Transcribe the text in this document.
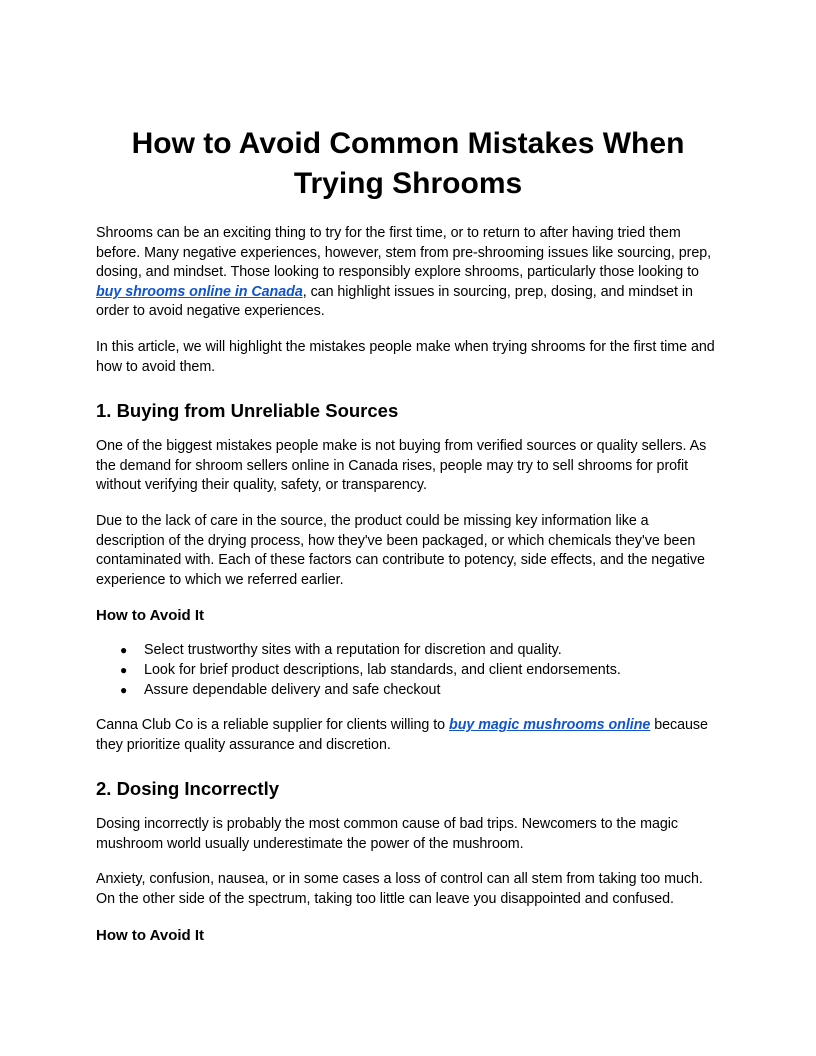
How to Avoid Common Mistakes When
Trying Shrooms

Shrooms can be an exciting thing to try for the first time, or to return to after having tried them before. Many negative experiences, however, stem from pre-shrooming issues like sourcing, prep, dosing, and mindset. Those looking to responsibly explore shrooms, particularly those looking to buy shrooms online in Canada, can highlight issues in sourcing, prep, dosing, and mindset in order to avoid negative experiences.

In this article, we will highlight the mistakes people make when trying shrooms for the first time and how to avoid them.

1. Buying from Unreliable Sources

One of the biggest mistakes people make is not buying from verified sources or quality sellers. As the demand for shroom sellers online in Canada rises, people may try to sell shrooms for profit without verifying their quality, safety, or transparency.

Due to the lack of care in the source, the product could be missing key information like a description of the drying process, how they've been packaged, or which chemicals they've been contaminated with. Each of these factors can contribute to potency, side effects, and the negative experience to which we referred earlier.

How to Avoid It
● Select trustworthy sites with a reputation for discretion and quality.
● Look for brief product descriptions, lab standards, and client endorsements.
● Assure dependable delivery and safe checkout

Canna Club Co is a reliable supplier for clients willing to buy magic mushrooms online because they prioritize quality assurance and discretion.

2. Dosing Incorrectly

Dosing incorrectly is probably the most common cause of bad trips. Newcomers to the magic mushroom world usually underestimate the power of the mushroom.

Anxiety, confusion, nausea, or in some cases a loss of control can all stem from taking too much. On the other side of the spectrum, taking too little can leave you disappointed and confused.

How to Avoid It
